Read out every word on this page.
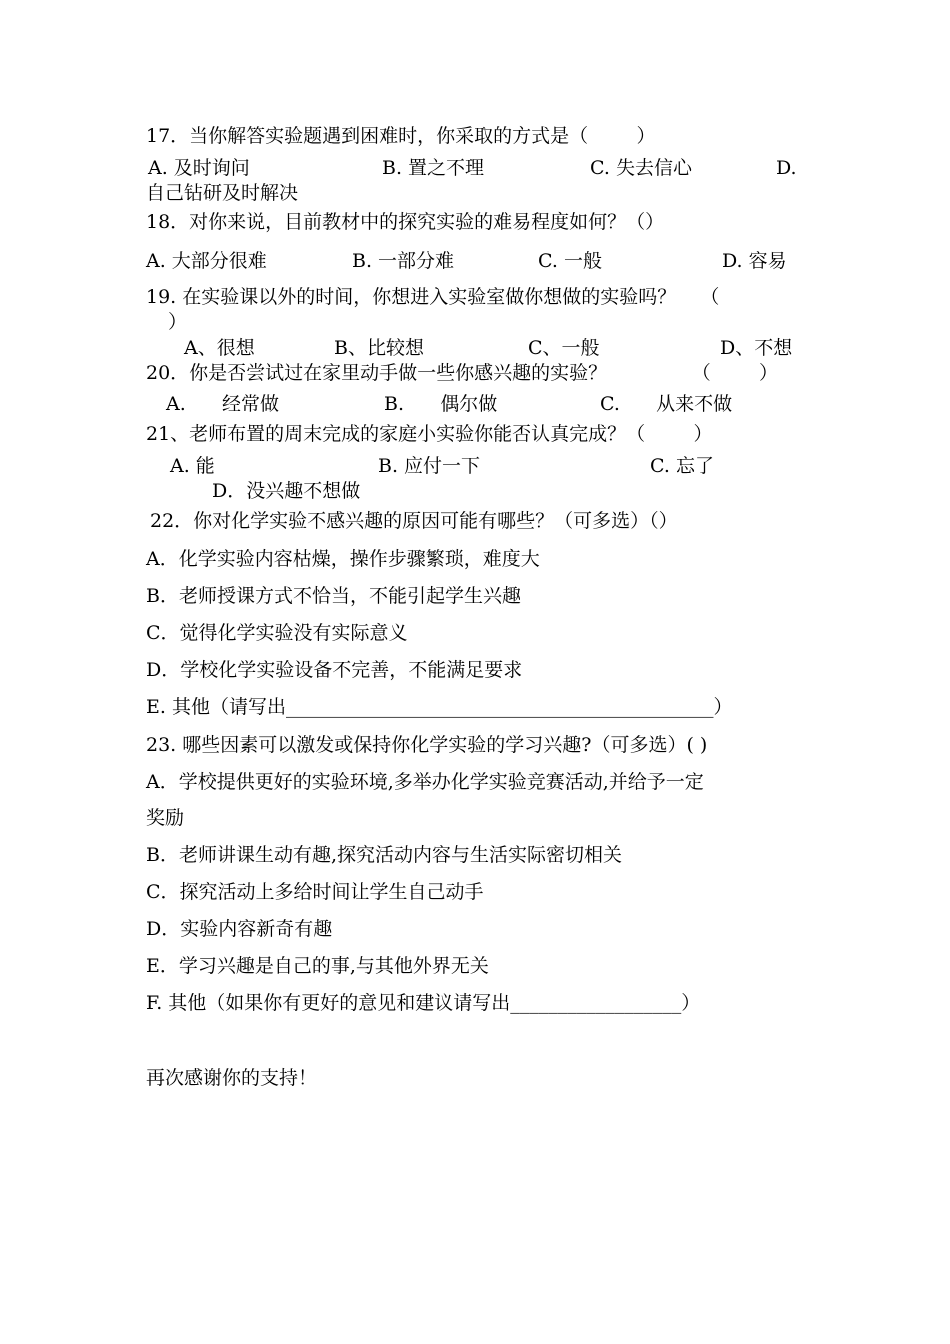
17．当你解答实验题遇到困难时，你采取的方式是（        ）
A. 及时询问	B. 置之不理	C. 失去信心	D.
自己钻研及时解决
18．对你来说，目前教材中的探究实验的难易程度如何？（）
A. 大部分很难	B. 一部分难	C. 一般	D. 容易
19. 在实验课以外的时间，你想进入实验室做你想做的实验吗？    （
）
A、很想	B、比较想	C、一般	D、不想
20．你是否尝试过在家里动手做一些你感兴趣的实验？              （        ）
A.      经常做	B.      偶尔做	C.      从来不做
21、老师布置的周末完成的家庭小实验你能否认真完成？（        ）
A. 能	B. 应付一下	C. 忘了
D．没兴趣不想做
22．你对化学实验不感兴趣的原因可能有哪些？（可多选）（）
A．化学实验内容枯燥，操作步骤繁琐，难度大
B．老师授课方式不恰当，不能引起学生兴趣
C．觉得化学实验没有实际意义
D．学校化学实验设备不完善，不能满足要求
E. 其他（请写出_____________________________________________）
23. 哪些因素可以激发或保持你化学实验的学习兴趣?（可多选）( )
A．学校提供更好的实验环境,多举办化学实验竞赛活动,并给予一定
奖励
B．老师讲课生动有趣,探究活动内容与生活实际密切相关
C．探究活动上多给时间让学生自己动手
D．实验内容新奇有趣
E．学习兴趣是自己的事,与其他外界无关
F. 其他（如果你有更好的意见和建议请写出__________________）
再次感谢你的支持！
